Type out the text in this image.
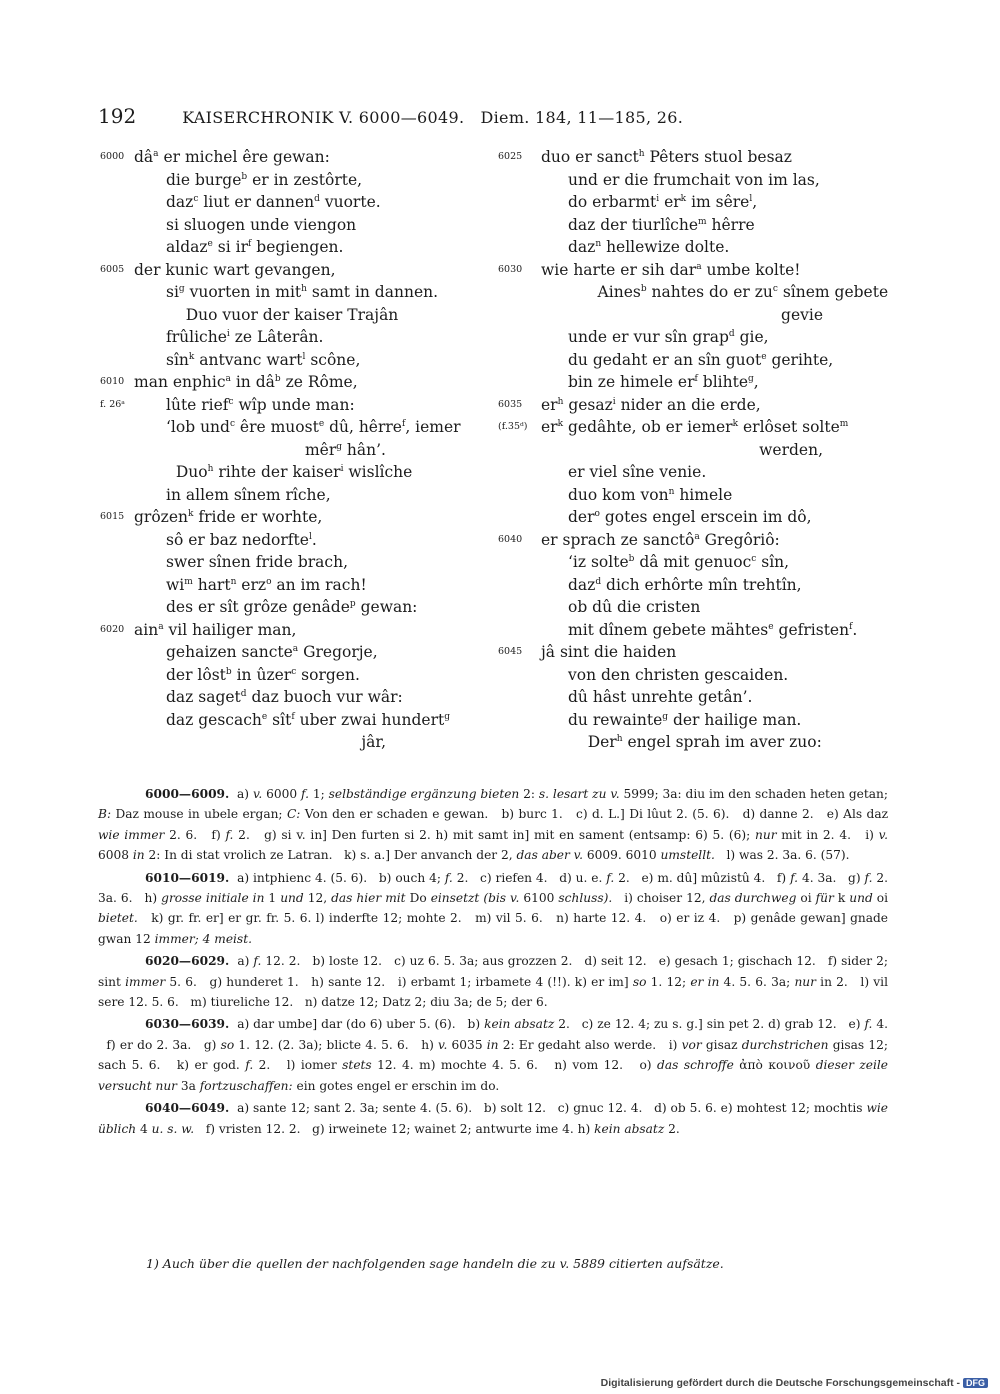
192	KAISERCHRONIK V. 6000—6049. Diem. 184, 11—185, 26.
6000 $dâ^a$ er michel êre gewan:
die burge$^b$ er in zestôrte,
daz$^c$ liut er dannen$^d$ vuorte.
si sluogen unde viengon
aldaz$^e$ si $ir^f$ begiengen.
6005 der kunic wart gevangen,
$si^g$ vuorten in mit$^h$ samt in dannen.
Duo vuor der kaiser Trajân
frûliche$^i$ ze Lâterân.
sîn$^k$ antvanc wart$^l$ scône,
6010 man enphic$^a$ in $dâ^b$ ze Rôme,
f. 26ᵃ	lûte rief$^c$ wîp unde man:
‘lob und$^c$ êre muost$^e$ dû, hêrre$^f$, iemer
mêr$^g$ hân’.
Duo$^h$ rihte der kaiser$^i$ wislîche
in allem sînem rîche,
6015 grôzen$^k$ fride er worhte,
sô er baz nedorfte$^l$.
swer sînen fride brach,
$wi^m$ hart$^n$ erz$^o$ an im rach!
des er sît grôze genâde$^p$ gewan:
6020 ain$^a$ vil hailiger man,
gehaizen sancte$^a$ Gregorje,
der lôst$^b$ in ûzer$^c$ sorgen.
daz saget$^d$ daz buoch vur wâr:
daz gescach$^e$ sît$^f$ uber zwai hundert$^g$
jâr,
6025	duo er sanct$^h$ Pêters stuol besaz
und er die frumchait von im las,
do erbarmt$^i$ $er^k$ im sêre$^l$,
daz der tiurlîche$^m$ hêrre
daz$^n$ hellewize dolte.
6030	wie harte er sih dar$^a$ umbe kolte!
Aines$^b$ nahtes do er $zu^c$ sînem gebete
gevie
unde er vur sîn grap$^d$ gie,
du gedaht er an sîn guot$^e$ gerihte,
bin ze himele $er^f$ blihte$^g$,
6035	$er^h$ gesaz$^i$ nider an die erde,
(f.35ᵈ) $er^k$ gedâhte, ob er iemer$^k$ erlôset solte$^m$
werden,
er viel sîne venie.
duo kom von$^n$ himele
der$^o$ gotes engel erscein im dô,
6040	er sprach ze sanctô$^a$ Gregôriô:
‘iz solte$^b$ dâ mit genuoc$^c$ sîn,
daz$^d$ dich erhôrte mîn trehtîn,
ob dû die cristen
mit dînem gebete mähtes$^e$ gefristen$^f$.
6045	jâ sint die haiden
von den christen gescaiden.
dû hâst unrehte getân’.
du rewainte$^g$ der hailige man.
Der$^h$ engel sprah im aver zuo:

6000—6009.  a) v. 6000 f. 1; selbständige ergänzung bieten 2: s. lesart zu v. 5999; 3a: diu im den schaden heten getan; B: Daz mouse in ubele ergan; C: Von den er schaden e gewan.   b) burc 1.   c) d. L.] Di lûut 2. (5. 6).   d) danne 2.   e) Als daz wie immer 2. 6.   f) f. 2.   g) si v. in] Den furten si 2. h) mit samt in] mit en sament (entsamp: 6) 5. (6); nur mit in 2. 4.   i) v. 6008 in 2: In di stat vrolich ze Latran.   k) s. a.] Der anvanch der 2, das aber v. 6009. 6010 umstellt.   l) was 2. 3a. 6. (57).

6010—6019.  a) intphienc 4. (5. 6).   b) ouch 4; f. 2.   c) riefen 4.   d) u. e. f. 2.   e) m. dû] mûzistû 4.   f) f. 4. 3a.   g) f. 2. 3a. 6.   h) grosse initiale in 1 und 12, das hier mit Do einsetzt (bis v. 6100 schluss).   i) choiser 12, das durchweg oi für k und oi bietet.   k) gr. fr. er] er gr. fr. 5. 6. l) inderfte 12; mohte 2.   m) vil 5. 6.   n) harte 12. 4.   o) er iz 4.   p) genâde gewan] gnade gwan 12 immer; 4 meist.

6020—6029.  a) f. 12. 2.   b) loste 12.   c) uz 6. 5. 3a; aus grozzen 2.   d) seit 12.   e) gesach 1; gischach 12.   f) sider 2; sint immer 5. 6.   g) hunderet 1.   h) sante 12.   i) erbamt 1; irbamete 4 (!!). k) er im] so 1. 12; er in 4. 5. 6. 3a; nur in 2.   l) vil sere 12. 5. 6.   m) tiureliche 12.   n) datze 12; Datz 2; diu 3a; de 5; der 6.

6030—6039.  a) dar umbe] dar (do 6) uber 5. (6).   b) kein absatz 2.   c) ze 12. 4; zu s. g.] sin pet 2. d) grab 12.   e) f. 4.   f) er do 2. 3a.   g) so 1. 12. (2. 3a); blicte 4. 5. 6.   h) v. 6035 in 2: Er gedaht also werde.   i) vor gisaz durchstrichen gisas 12; sach 5. 6.   k) er god. f. 2.   l) iomer stets 12. 4. m) mochte 4. 5. 6.   n) vom 12.   o) das schroffe ἀπὸ κοινοῦ dieser zeile versucht nur 3a fortzuschaffen: ein gotes engel er erschin im do.

6040—6049.  a) sante 12; sant 2. 3a; sente 4. (5. 6).   b) solt 12.   c) gnuc 12. 4.   d) ob 5. 6. e) mohtest 12; mochtis wie üblich 4 u. s. w.   f) vristen 12. 2.   g) irweinete 12; wainet 2; antwurte ime 4. h) kein absatz 2.

1) Auch über die quellen der nachfolgenden sage handeln die zu v. 5889 citierten aufsätze.
Digitalisierung gefördert durch die Deutsche Forschungsgemeinschaft - DFG
